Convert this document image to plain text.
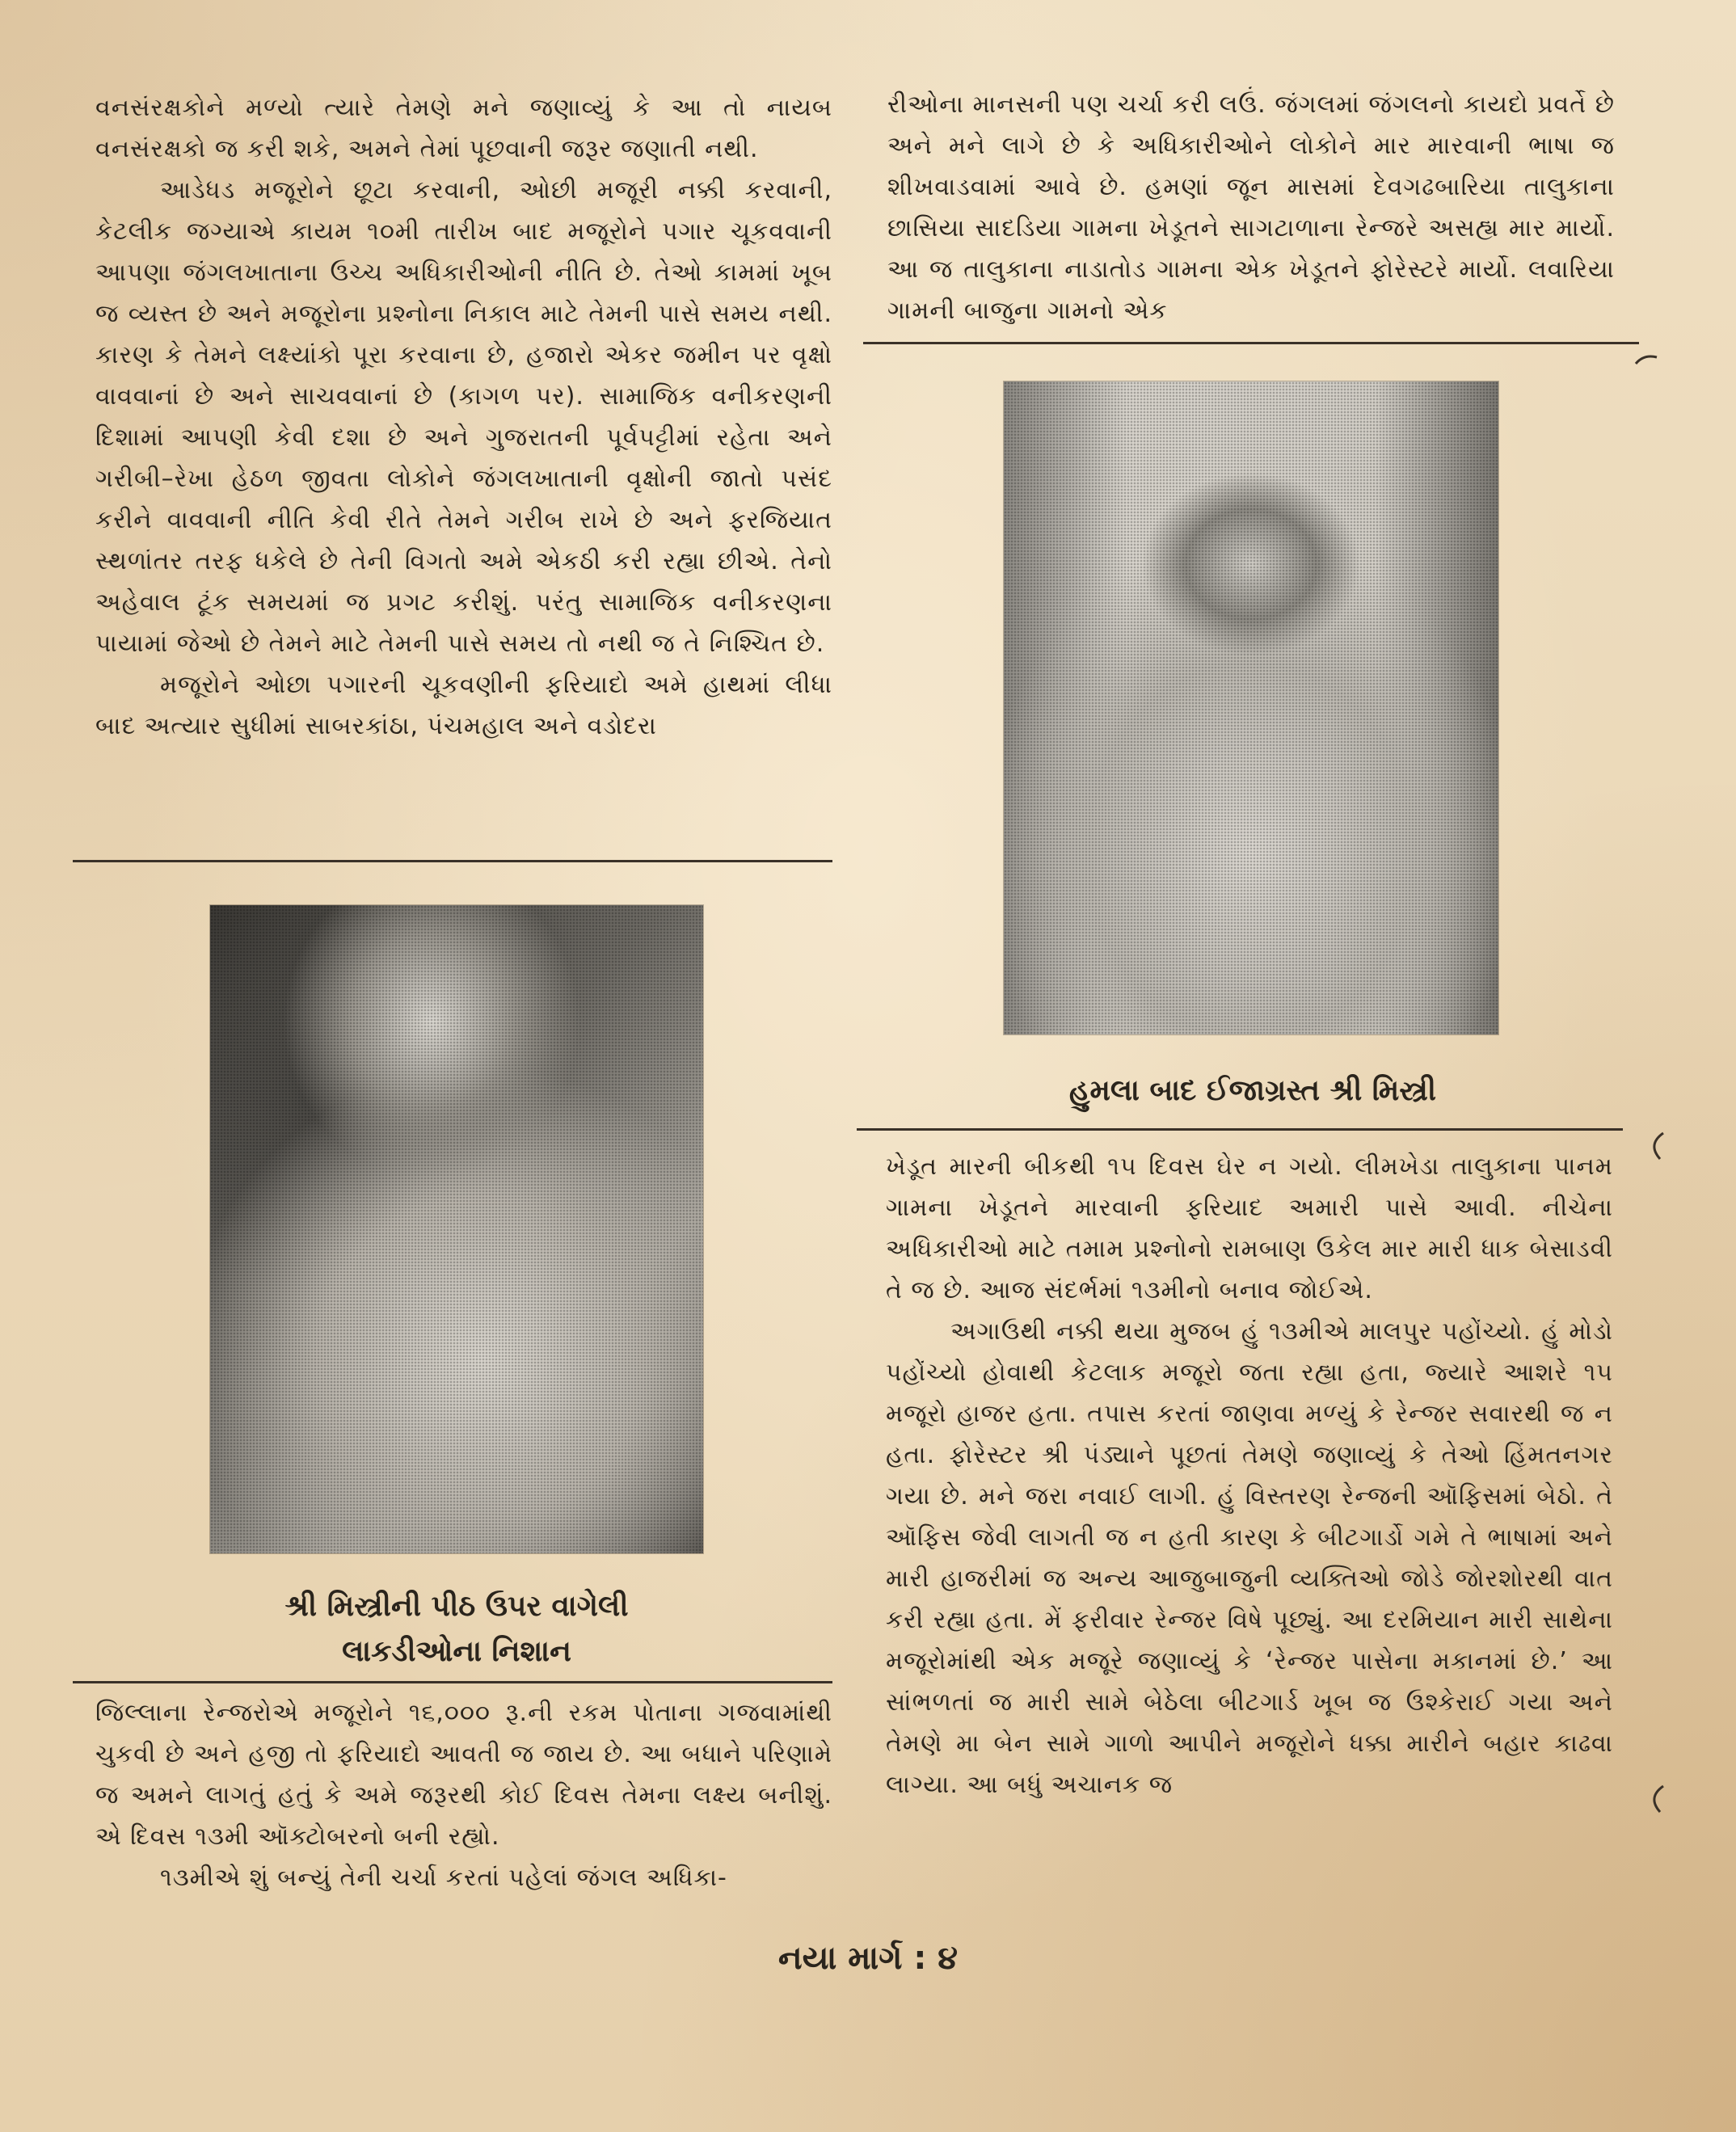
વનસંરક્ષકોને મળ્યો ત્યારે તેમણે મને જણાવ્યું કે આ તો નાયબ વનસંરક્ષકો જ કરી શકે, અમને તેમાં પૂછવાની જરૂર જણાતી નથી.

આડેધડ મજૂરોને છૂટા કરવાની, ઓછી મજૂરી નક્કી કરવાની, કેટલીક જગ્યાએ કાયમ ૧૦મી તારીખ બાદ મજૂરોને પગાર ચૂકવવાની આપણા જંગલખાતાના ઉચ્ચ અધિકારીઓની નીતિ છે. તેઓ કામમાં ખૂબ જ વ્યસ્ત છે અને મજૂરોના પ્રશ્નોના નિકાલ માટે તેમની પાસે સમય નથી. કારણ કે તેમને લક્ષ્યાંકો પૂરા કરવાના છે, હજારો એકર જમીન પર વૃક્ષો વાવવાનાં છે અને સાચવવાનાં છે (કાગળ પર). સામાજિક વનીકરણની દિશામાં આપણી કેવી દશા છે અને ગુજરાતની પૂર્વપટ્ટીમાં રહેતા અને ગરીબી–રેખા હેઠળ જીવતા લોકોને જંગલખાતાની વૃક્ષોની જાતો પસંદ કરીને વાવવાની નીતિ કેવી રીતે તેમને ગરીબ રાખે છે અને ફરજિયાત સ્થળાંતર તરફ ધકેલે છે તેની વિગતો અમે એકઠી કરી રહ્યા છીએ. તેનો અહેવાલ ટૂંક સમયમાં જ પ્રગટ કરીશું. પરંતુ સામાજિક વનીકરણના પાયામાં જેઓ છે તેમને માટે તેમની પાસે સમય તો નથી જ તે નિશ્ચિત છે.

મજૂરોને ઓછા પગારની ચૂકવણીની ફરિયાદો અમે હાથમાં લીધા બાદ અત્યાર સુધીમાં સાબરકાંઠા, પંચમહાલ અને વડોદરા

શ્રી મિસ્ત્રીની પીઠ ઉપર વાગેલી
લાકડીઓના નિશાન

જિલ્લાના રેન્જરોએ મજૂરોને ૧૬,૦૦૦ રૂ.ની રકમ પોતાના ગજવામાંથી ચુકવી છે અને હજી તો ફરિયાદો આવતી જ જાય છે. આ બધાને પરિણામે જ અમને લાગતું હતું કે અમે જરૂરથી કોઈ દિવસ તેમના લક્ષ્ય બનીશું. એ દિવસ ૧૩મી ઑક્ટોબરનો બની રહ્યો.

૧૩મીએ શું બન્યું તેની ચર્ચા કરતાં પહેલાં જંગલ અધિકા-

રીઓના માનસની પણ ચર્ચા કરી લઉં. જંગલમાં જંગલનો કાયદો પ્રવર્તે છે અને મને લાગે છે કે અધિકારીઓને લોકોને માર મારવાની ભાષા જ શીખવાડવામાં આવે છે. હમણાં જૂન માસમાં દેવગઢબારિયા તાલુકાના છાસિયા સાદડિયા ગામના ખેડૂતને સાગટાળાના રેન્જરે અસહ્ય માર માર્યો. આ જ તાલુકાના નાડાતોડ ગામના એક ખેડૂતને ફોરેસ્ટરે માર્યો. લવારિયા ગામની બાજુના ગામનો એક

હુમલા બાદ ઈજાગ્રસ્ત શ્રી મિસ્ત્રી

ખેડૂત મારની બીકથી ૧૫ દિવસ ઘેર ન ગયો. લીમખેડા તાલુકાના પાનમ ગામના ખેડૂતને મારવાની ફરિયાદ અમારી પાસે આવી. નીચેના અધિકારીઓ માટે તમામ પ્રશ્નોનો રામબાણ ઉકેલ માર મારી ધાક બેસાડવી તે જ છે. આજ સંદર્ભમાં ૧૩મીનો બનાવ જોઈએ.

અગાઉથી નક્કી થયા મુજબ હું ૧૩મીએ માલપુર પહોંચ્યો. હું મોડો પહોંચ્યો હોવાથી કેટલાક મજૂરો જતા રહ્યા હતા, જ્યારે આશરે ૧૫ મજૂરો હાજર હતા. તપાસ કરતાં જાણવા મળ્યું કે રેન્જર સવારથી જ ન હતા. ફોરેસ્ટર શ્રી પંડ્યાને પૂછતાં તેમણે જણાવ્યું કે તેઓ હિંમતનગર ગયા છે. મને જરા નવાઈ લાગી. હું વિસ્તરણ રેન્જની ઑફિસમાં બેઠો. તે ઑફિસ જેવી લાગતી જ ન હતી કારણ કે બીટગાર્ડો ગમે તે ભાષામાં અને મારી હાજરીમાં જ અન્ય આજુબાજુની વ્યક્તિઓ જોડે જોરશોરથી વાત કરી રહ્યા હતા. મેં ફરીવાર રેન્જર વિષે પૂછ્યું. આ દરમિયાન મારી સાથેના મજૂરોમાંથી એક મજૂરે જણાવ્યું કે ‘રેન્જર પાસેના મકાનમાં છે.’ આ સાંભળતાં જ મારી સામે બેઠેલા બીટગાર્ડ ખૂબ જ ઉશ્કેરાઈ ગયા અને તેમણે મા બેન સામે ગાળો આપીને મજૂરોને ધક્કા મારીને બહાર કાઢવા લાગ્યા. આ બધું અચાનક જ

નયા માર્ગ : ૪
